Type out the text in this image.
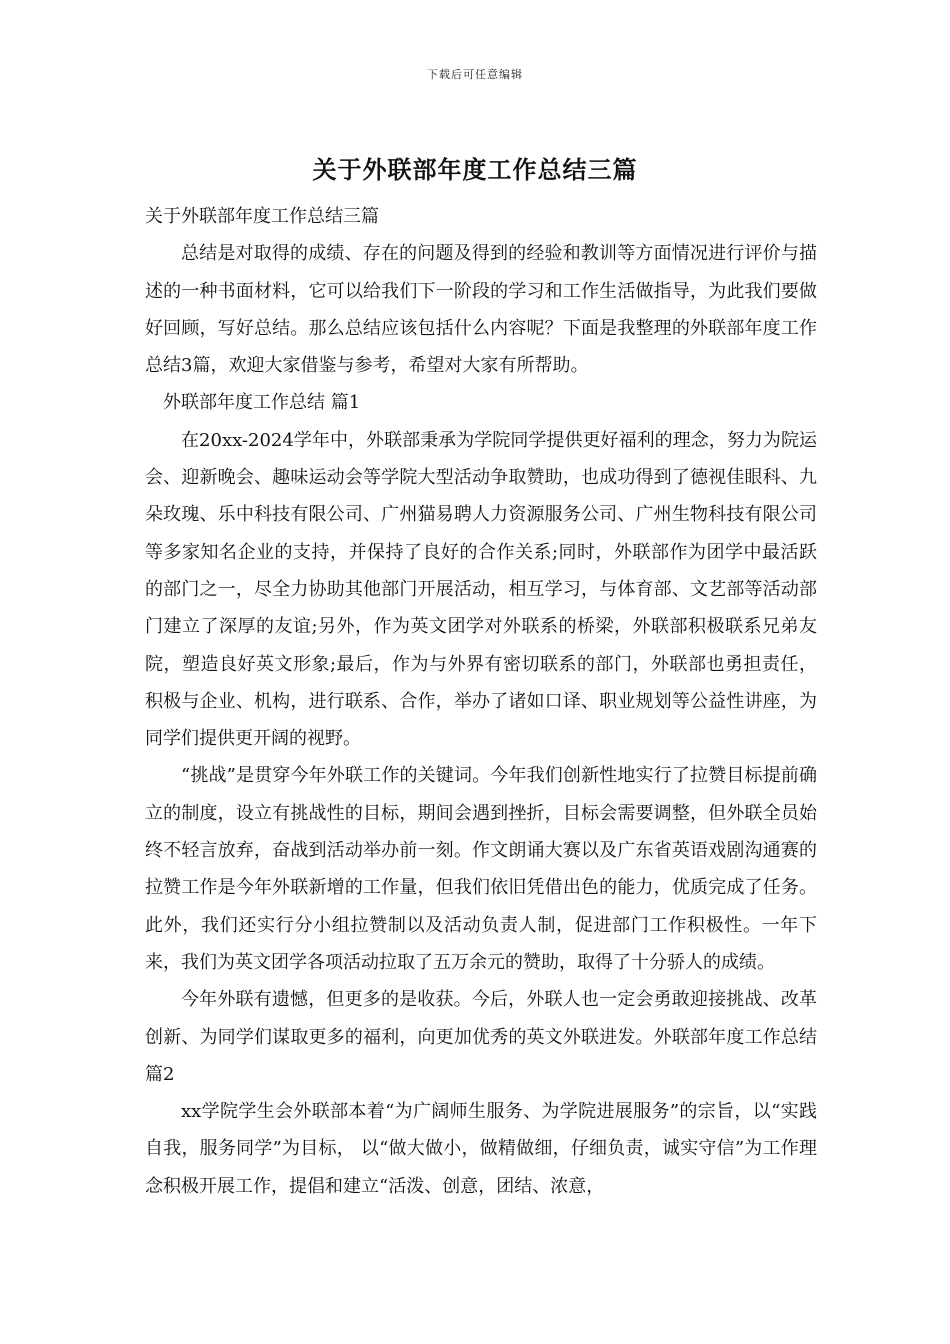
下载后可任意编辑
关于外联部年度工作总结三篇

关于外联部年度工作总结三篇

总结是对取得的成绩、存在的问题及得到的经验和教训等方面情况进行评价与描述的一种书面材料，它可以给我们下一阶段的学习和工作生活做指导，为此我们要做好回顾，写好总结。那么总结应该包括什么内容呢？下面是我整理的外联部年度工作总结3篇，欢迎大家借鉴与参考，希望对大家有所帮助。

外联部年度工作总结 篇1

在20xx-2024学年中，外联部秉承为学院同学提供更好福利的理念，努力为院运会、迎新晚会、趣味运动会等学院大型活动争取赞助，也成功得到了德视佳眼科、九朵玫瑰、乐中科技有限公司、广州猫易聘人力资源服务公司、广州生物科技有限公司等多家知名企业的支持，并保持了良好的合作关系;同时，外联部作为团学中最活跃的部门之一，尽全力协助其他部门开展活动，相互学习，与体育部、文艺部等活动部门建立了深厚的友谊;另外，作为英文团学对外联系的桥梁，外联部积极联系兄弟友院，塑造良好英文形象;最后，作为与外界有密切联系的部门，外联部也勇担责任，积极与企业、机构，进行联系、合作，举办了诸如口译、职业规划等公益性讲座，为同学们提供更开阔的视野。

“挑战”是贯穿今年外联工作的关键词。今年我们创新性地实行了拉赞目标提前确立的制度，设立有挑战性的目标，期间会遇到挫折，目标会需要调整，但外联全员始终不轻言放弃，奋战到活动举办前一刻。作文朗诵大赛以及广东省英语戏剧沟通赛的拉赞工作是今年外联新增的工作量，但我们依旧凭借出色的能力，优质完成了任务。此外，我们还实行分小组拉赞制以及活动负责人制，促进部门工作积极性。一年下来，我们为英文团学各项活动拉取了五万余元的赞助，取得了十分骄人的成绩。

今年外联有遗憾，但更多的是收获。今后，外联人也一定会勇敢迎接挑战、改革创新、为同学们谋取更多的福利，向更加优秀的英文外联进发。外联部年度工作总结 篇2

xx学院学生会外联部本着“为广阔师生服务、为学院进展服务”的宗旨，以“实践自我，服务同学”为目标， 以“做大做小，做精做细，仔细负责，诚实守信”为工作理念积极开展工作，提倡和建立“活泼、创意，团结、浓意，
